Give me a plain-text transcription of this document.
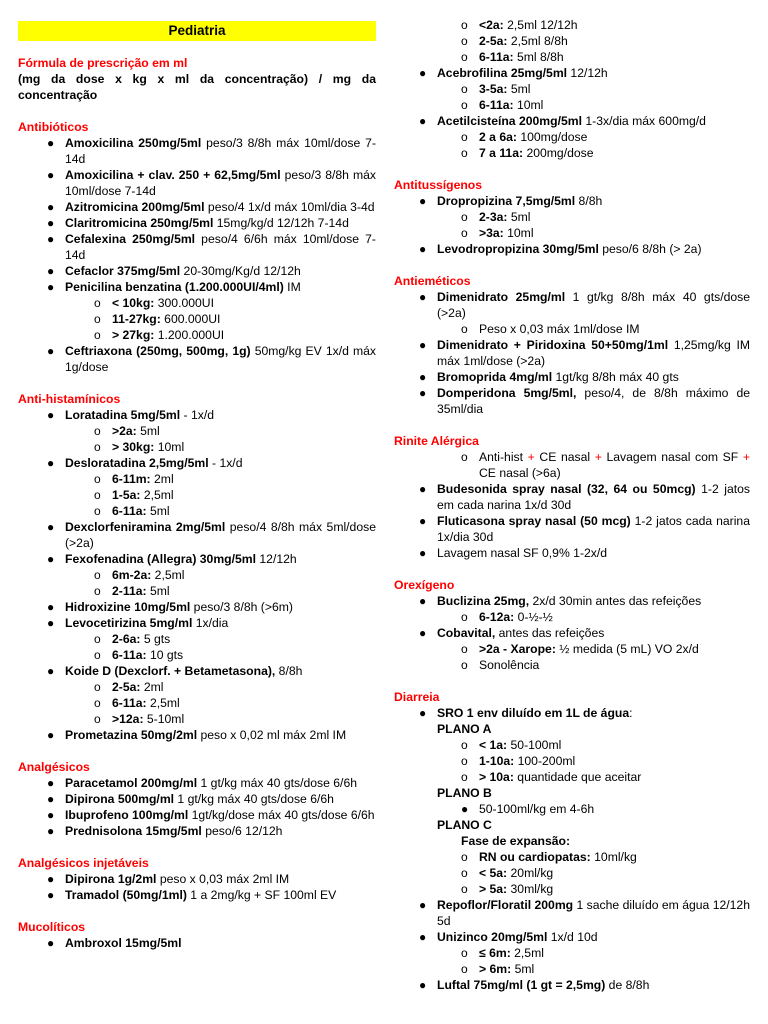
Pediatria
Fórmula de prescrição em ml
(mg da dose x kg x ml da concentração) / mg da concentração
Antibióticos
● Amoxicilina 250mg/5ml peso/3 8/8h máx 10ml/dose 7-14d
● Amoxicilina + clav. 250 + 62,5mg/5ml peso/3 8/8h máx 10ml/dose 7-14d
● Azitromicina 200mg/5ml peso/4 1x/d máx 10ml/dia 3-4d
● Claritromicina 250mg/5ml 15mg/kg/d 12/12h 7-14d
● Cefalexina 250mg/5ml peso/4 6/6h máx 10ml/dose 7-14d
● Cefaclor 375mg/5ml 20-30mg/Kg/d 12/12h
● Penicilina benzatina (1.200.000UI/4ml) IM
o < 10kg: 300.000UI
o 11-27kg: 600.000UI
o > 27kg: 1.200.000UI
● Ceftriaxona (250mg, 500mg, 1g) 50mg/kg EV 1x/d máx 1g/dose
Anti-histamínicos
● Loratadina 5mg/5ml - 1x/d
o >2a: 5ml
o > 30kg: 10ml
● Desloratadina 2,5mg/5ml - 1x/d
o 6-11m: 2ml
o 1-5a: 2,5ml
o 6-11a: 5ml
● Dexclorfeniramina 2mg/5ml peso/4 8/8h máx 5ml/dose (>2a)
● Fexofenadina (Allegra) 30mg/5ml 12/12h
o 6m-2a: 2,5ml
o 2-11a: 5ml
● Hidroxizine 10mg/5ml peso/3 8/8h (>6m)
● Levocetirizina 5mg/ml 1x/dia
o 2-6a: 5 gts
o 6-11a: 10 gts
● Koide D (Dexclorf. + Betametasona), 8/8h
o 2-5a: 2ml
o 6-11a: 2,5ml
o >12a: 5-10ml
● Prometazina 50mg/2ml peso x 0,02 ml máx 2ml IM
Analgésicos
● Paracetamol 200mg/ml 1 gt/kg máx 40 gts/dose 6/6h
● Dipirona 500mg/ml 1 gt/kg máx 40 gts/dose 6/6h
● Ibuprofeno 100mg/ml 1gt/kg/dose máx 40 gts/dose 6/6h
● Prednisolona 15mg/5ml peso/6 12/12h
Analgésicos injetáveis
● Dipirona 1g/2ml peso x 0,03 máx 2ml IM
● Tramadol (50mg/1ml) 1 a 2mg/kg + SF 100ml EV
Mucolíticos
● Ambroxol 15mg/5ml
o <2a: 2,5ml 12/12h
o 2-5a: 2,5ml 8/8h
o 6-11a: 5ml 8/8h
● Acebrofilina 25mg/5ml 12/12h
o 3-5a: 5ml
o 6-11a: 10ml
● Acetilcisteína 200mg/5ml 1-3x/dia máx 600mg/d
o 2 a 6a: 100mg/dose
o 7 a 11a: 200mg/dose
Antitussígenos
● Dropropizina 7,5mg/5ml 8/8h
o 2-3a: 5ml
o >3a: 10ml
● Levodropropizina 30mg/5ml peso/6 8/8h (> 2a)
Antieméticos
● Dimenidrato 25mg/ml 1 gt/kg 8/8h máx 40 gts/dose (>2a)
o Peso x 0,03 máx 1ml/dose IM
● Dimenidrato + Piridoxina 50+50mg/1ml 1,25mg/kg IM máx 1ml/dose (>2a)
● Bromoprida 4mg/ml 1gt/kg 8/8h máx 40 gts
● Domperidona 5mg/5ml, peso/4, de 8/8h máximo de 35ml/dia
Rinite Alérgica
o Anti-hist + CE nasal + Lavagem nasal com SF + CE nasal (>6a)
● Budesonida spray nasal (32, 64 ou 50mcg) 1-2 jatos em cada narina 1x/d 30d
● Fluticasona spray nasal (50 mcg) 1-2 jatos cada narina 1x/dia 30d
● Lavagem nasal SF 0,9% 1-2x/d
Orexígeno
● Buclizina 25mg, 2x/d 30min antes das refeições
o 6-12a: 0-½-½
● Cobavital, antes das refeições
o >2a - Xarope: ½ medida (5 mL) VO 2x/d
o Sonolência
Diarreia
● SRO 1 env diluído em 1L de água:
PLANO A
o < 1a: 50-100ml
o 1-10a: 100-200ml
o > 10a: quantidade que aceitar
PLANO B
● 50-100ml/kg em 4-6h
PLANO C
Fase de expansão:
o RN ou cardiopatas: 10ml/kg
o < 5a: 20ml/kg
o > 5a: 30ml/kg
● Repoflor/Floratil 200mg 1 sache diluído em água 12/12h 5d
● Unizinco 20mg/5ml 1x/d 10d
o ≤ 6m: 2,5ml
o > 6m: 5ml
● Luftal 75mg/ml (1 gt = 2,5mg) de 8/8h
